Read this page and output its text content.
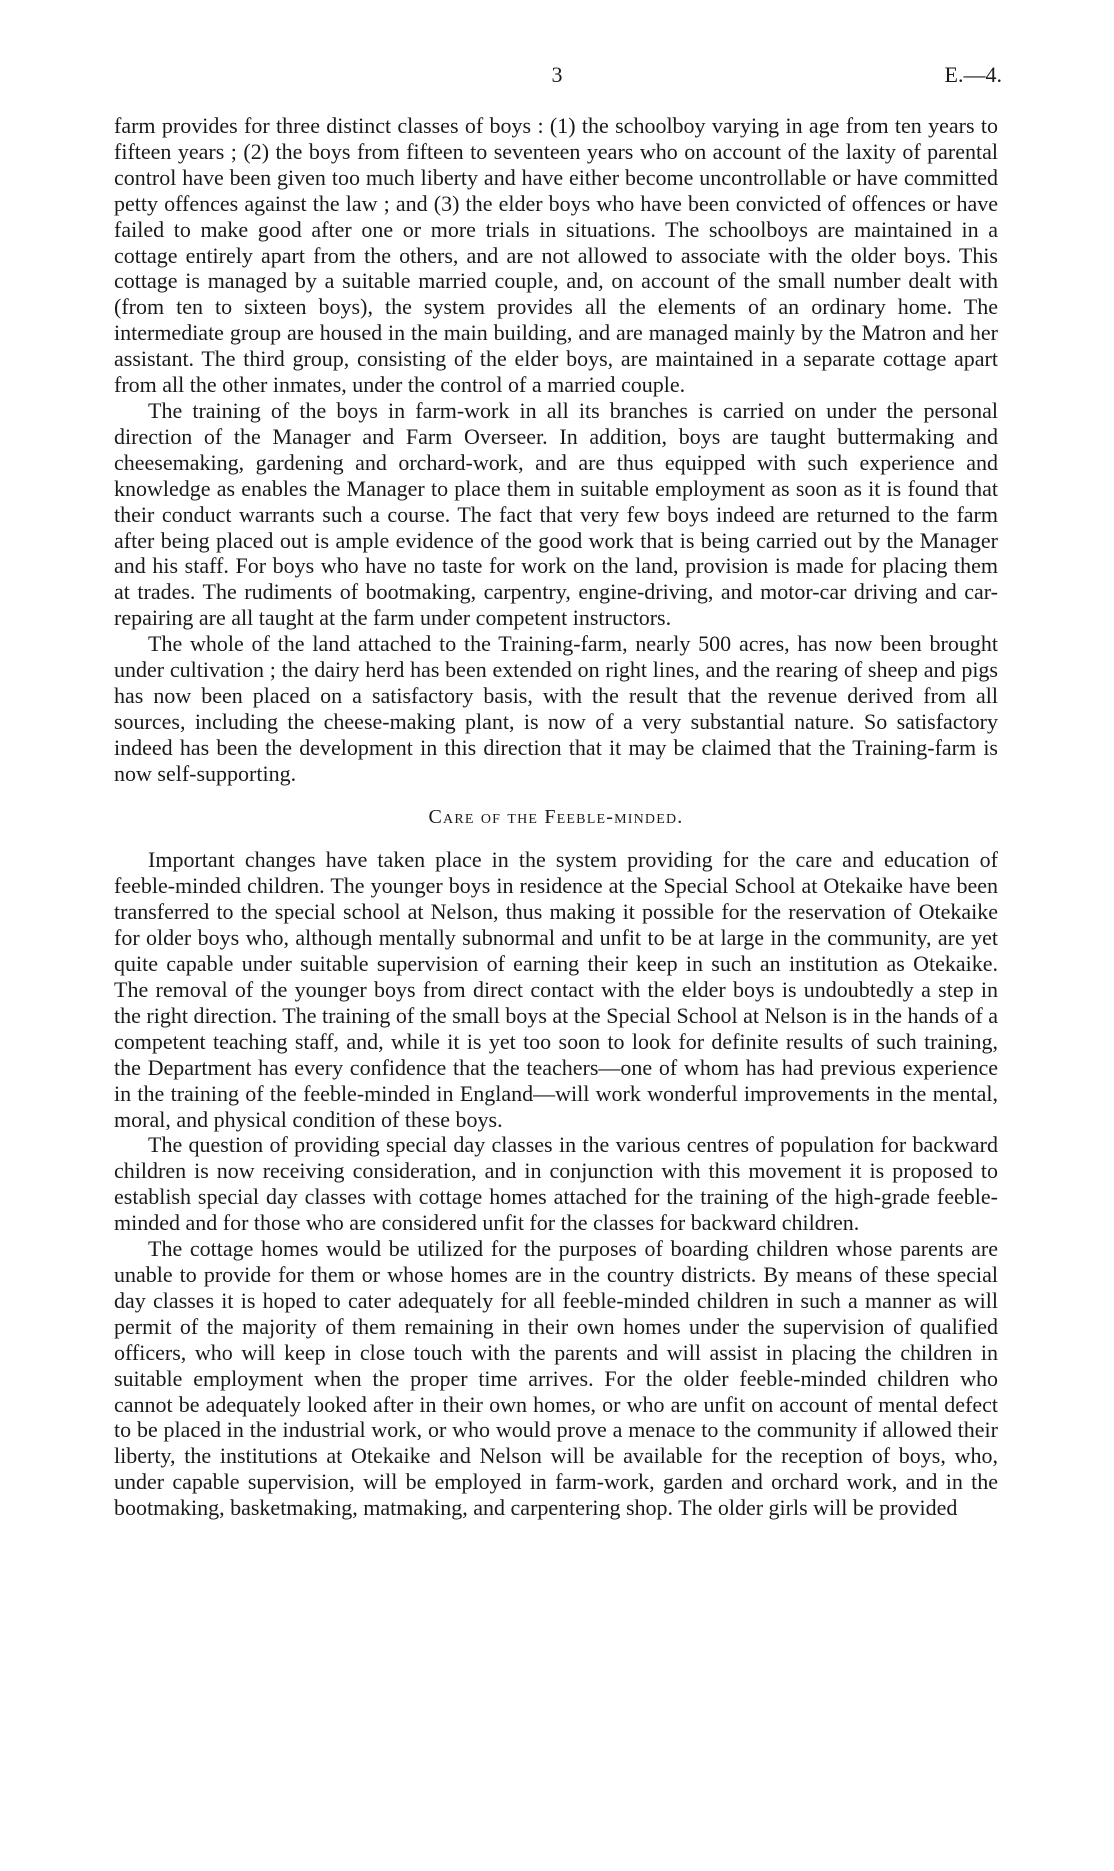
3	E.—4.

farm provides for three distinct classes of boys : (1) the schoolboy varying in age from ten years to fifteen years ; (2) the boys from fifteen to seventeen years who on account of the laxity of parental control have been given too much liberty and have either become uncontrollable or have committed petty offences against the law ; and (3) the elder boys who have been convicted of offences or have failed to make good after one or more trials in situations. The schoolboys are maintained in a cottage entirely apart from the others, and are not allowed to associate with the older boys. This cottage is managed by a suitable married couple, and, on account of the small number dealt with (from ten to sixteen boys), the system provides all the elements of an ordinary home. The intermediate group are housed in the main building, and are managed mainly by the Matron and her assistant. The third group, consisting of the elder boys, are maintained in a separate cottage apart from all the other inmates, under the control of a married couple.

The training of the boys in farm-work in all its branches is carried on under the personal direction of the Manager and Farm Overseer. In addition, boys are taught buttermaking and cheesemaking, gardening and orchard-work, and are thus equipped with such experience and knowledge as enables the Manager to place them in suitable employment as soon as it is found that their conduct warrants such a course. The fact that very few boys indeed are returned to the farm after being placed out is ample evidence of the good work that is being carried out by the Manager and his staff. For boys who have no taste for work on the land, provision is made for placing them at trades. The rudiments of bootmaking, carpentry, engine-driving, and motor-car driving and car-repairing are all taught at the farm under competent instructors.

The whole of the land attached to the Training-farm, nearly 500 acres, has now been brought under cultivation ; the dairy herd has been extended on right lines, and the rearing of sheep and pigs has now been placed on a satisfactory basis, with the result that the revenue derived from all sources, including the cheese-making plant, is now of a very substantial nature. So satisfactory indeed has been the development in this direction that it may be claimed that the Training-farm is now self-supporting.

Care of the Feeble-minded.

Important changes have taken place in the system providing for the care and education of feeble-minded children. The younger boys in residence at the Special School at Otekaike have been transferred to the special school at Nelson, thus making it possible for the reservation of Otekaike for older boys who, although mentally subnormal and unfit to be at large in the community, are yet quite capable under suitable supervision of earning their keep in such an institution as Otekaike. The removal of the younger boys from direct contact with the elder boys is undoubtedly a step in the right direction. The training of the small boys at the Special School at Nelson is in the hands of a competent teaching staff, and, while it is yet too soon to look for definite results of such training, the Department has every confidence that the teachers—one of whom has had previous experience in the training of the feeble-minded in England—will work wonderful improvements in the mental, moral, and physical condition of these boys.

The question of providing special day classes in the various centres of population for backward children is now receiving consideration, and in conjunction with this movement it is proposed to establish special day classes with cottage homes attached for the training of the high-grade feeble-minded and for those who are considered unfit for the classes for backward children.

The cottage homes would be utilized for the purposes of boarding children whose parents are unable to provide for them or whose homes are in the country districts. By means of these special day classes it is hoped to cater adequately for all feeble-minded children in such a manner as will permit of the majority of them remaining in their own homes under the supervision of qualified officers, who will keep in close touch with the parents and will assist in placing the children in suitable employment when the proper time arrives. For the older feeble-minded children who cannot be adequately looked after in their own homes, or who are unfit on account of mental defect to be placed in the industrial work, or who would prove a menace to the community if allowed their liberty, the institutions at Otekaike and Nelson will be available for the reception of boys, who, under capable supervision, will be employed in farm-work, garden and orchard work, and in the bootmaking, basketmaking, matmaking, and carpentering shop. The older girls will be provided
